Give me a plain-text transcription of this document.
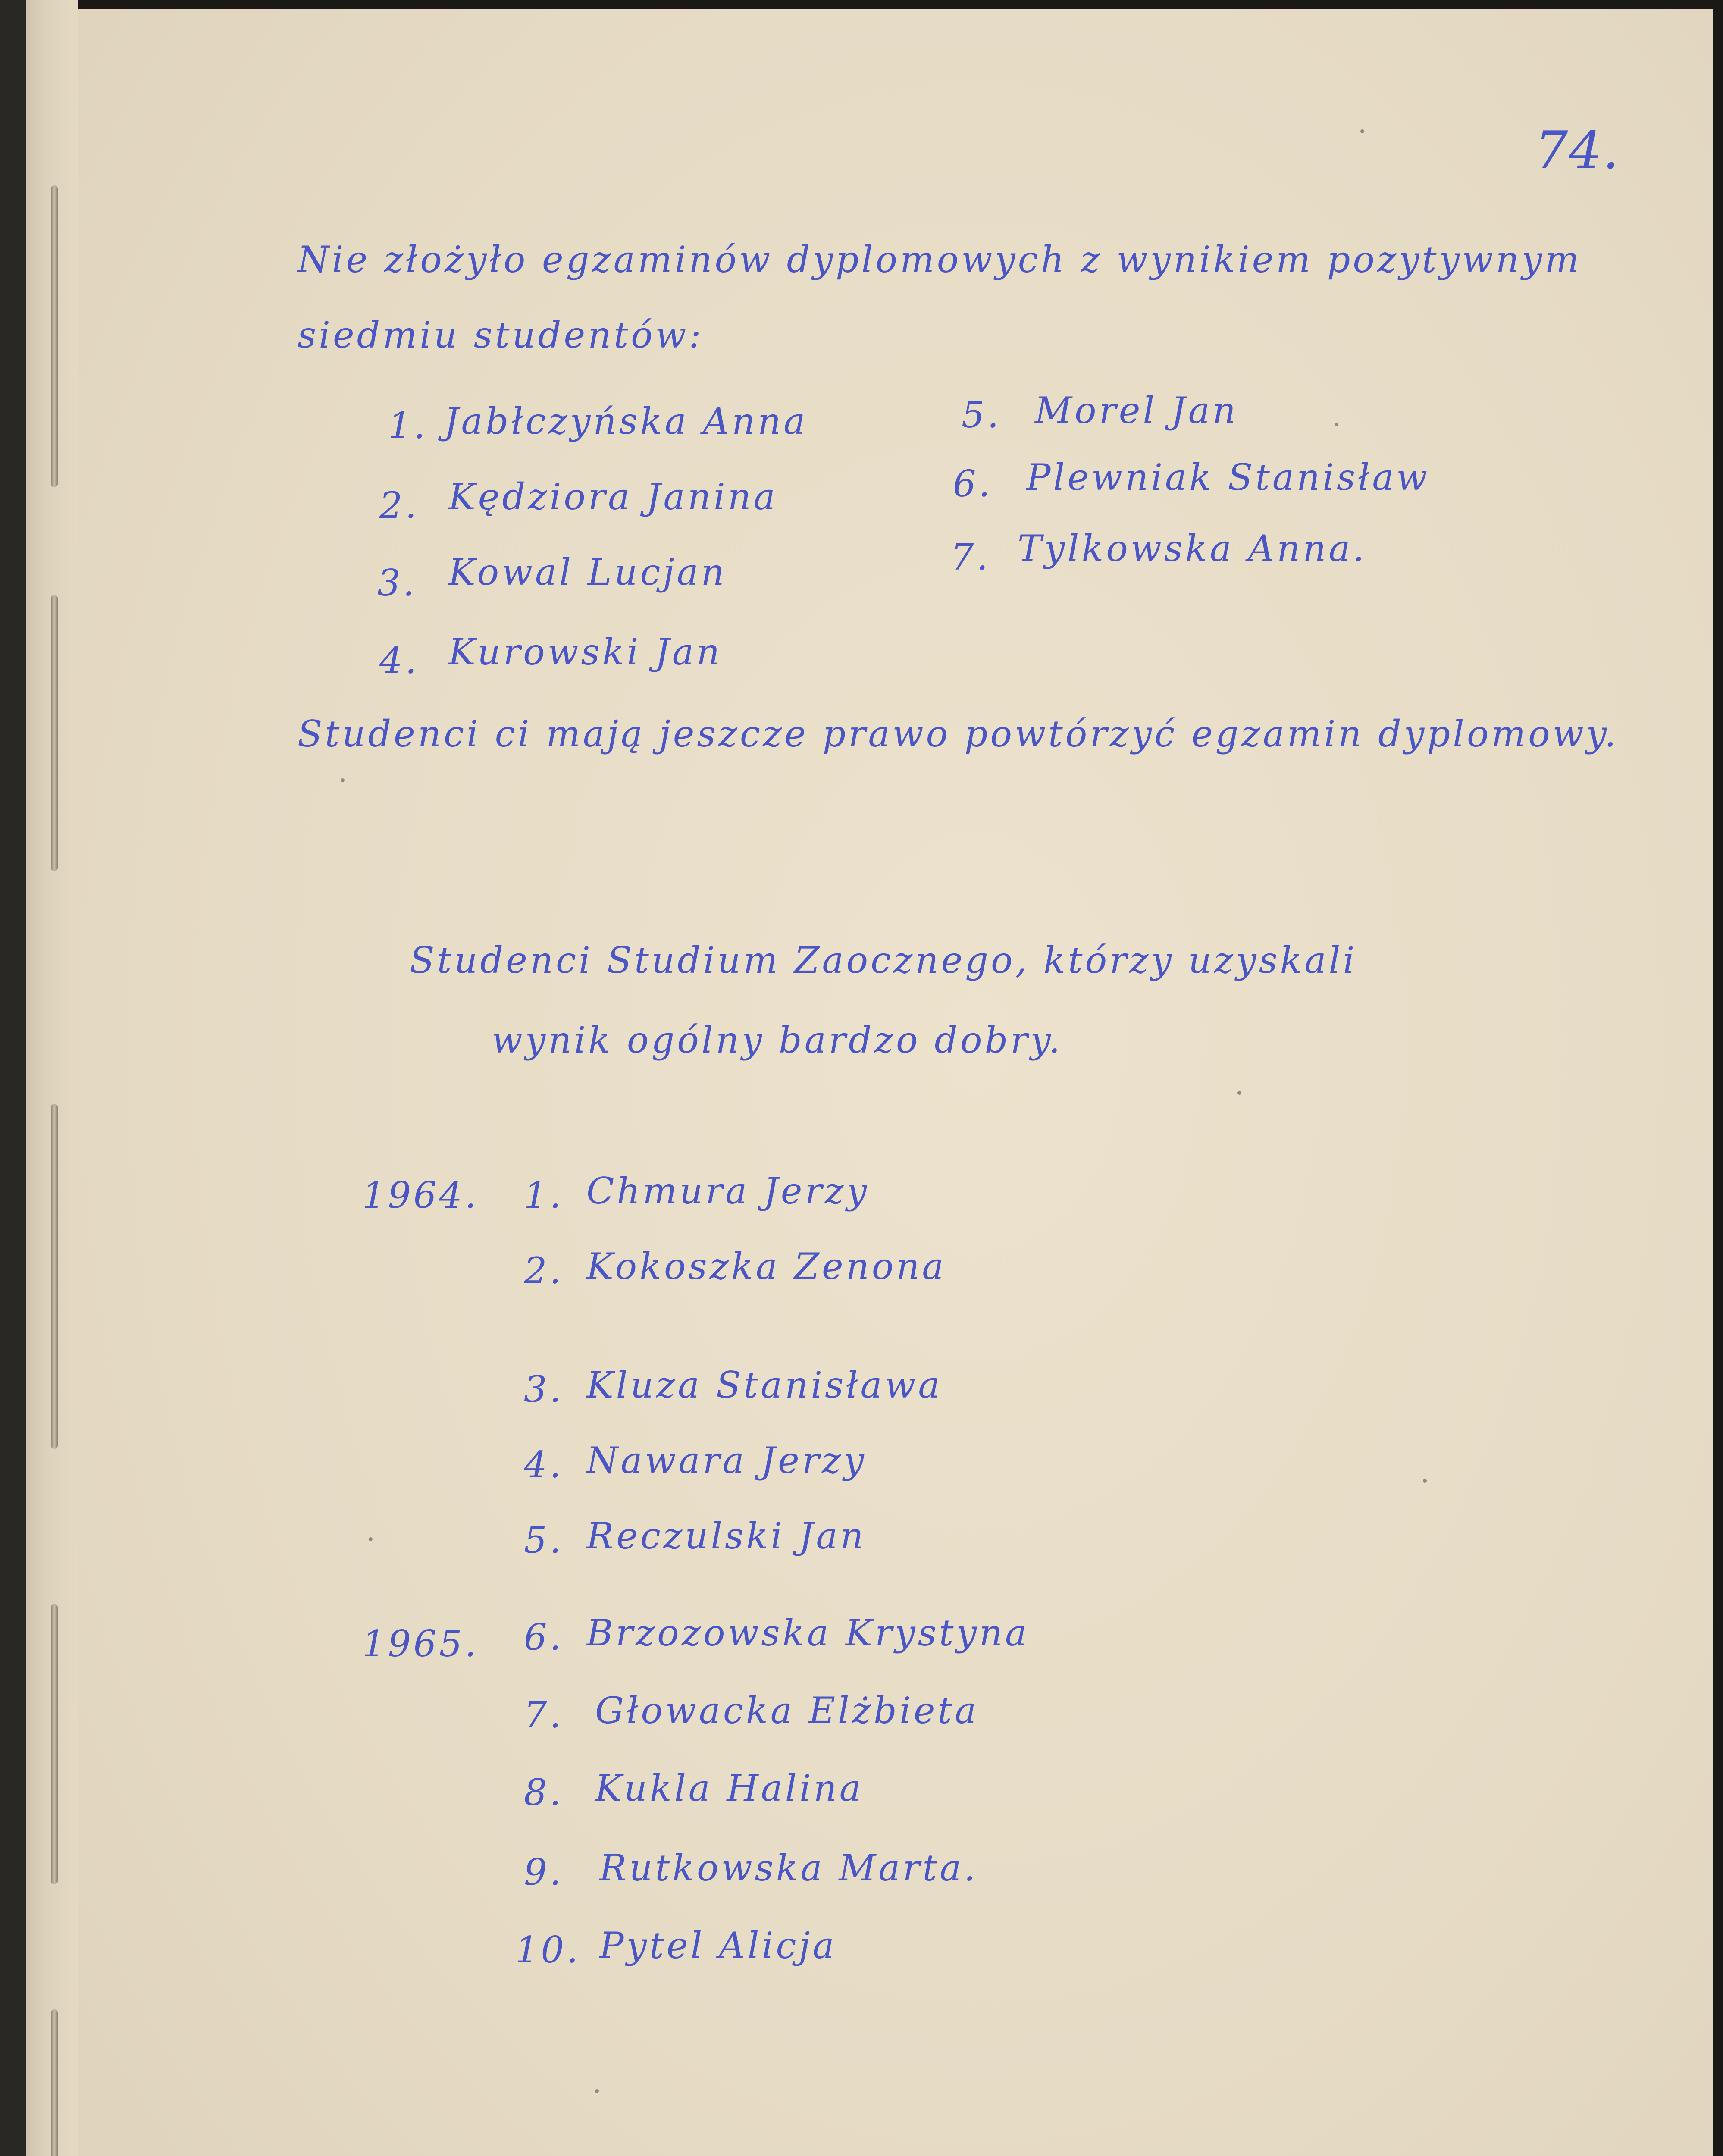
74.
Nie złożyło egzaminów dyplomowych z wynikiem pozytywnym
siedmiu studentów:
1. Jabłczyńska Anna
2. Kędziora Janina
3. Kowal Lucjan
4. Kurowski Jan
5. Morel Jan
6. Plewniak Stanisław
7. Tylkowska Anna.
Studenci ci mają jeszcze prawo powtórzyć egzamin dyplomowy.
Studenci Studium Zaocznego, którzy uzyskali
wynik ogólny bardzo dobry.
1964. 1. Chmura Jerzy
2. Kokoszka Zenona
3. Kluza Stanisława
4. Nawara Jerzy
5. Reczulski Jan
1965. 6. Brzozowska Krystyna
7. Głowacka Elżbieta
8. Kukla Halina
9. Rutkowska Marta.
10. Pytel Alicja
